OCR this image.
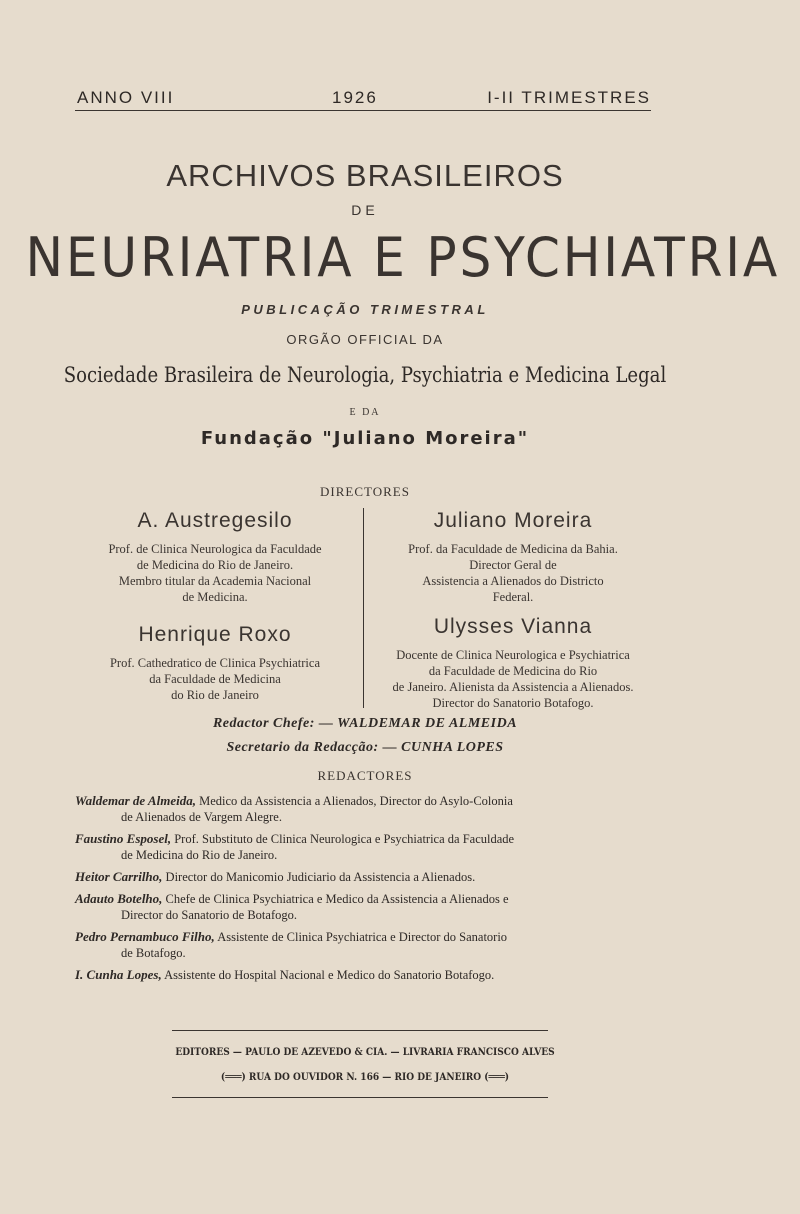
ANNO VIII	1926	I-II TRIMESTRES
ARCHIVOS BRASILEIROS
DE
NEURIATRIA E PSYCHIATRIA
PUBLICAÇÃO TRIMESTRAL
ORGÃO OFFICIAL DA
Sociedade Brasileira de Neurologia, Psychiatria e Medicina Legal
E DA
Fundação "Juliano Moreira"
DIRECTORES
A. Austregesilo
Prof. de Clinica Neurologica da Faculdade
de Medicina do Rio de Janeiro.
Membro titular da Academia Nacional
de Medicina.
Juliano Moreira
Prof. da Faculdade de Medicina da Bahia.
Director Geral de
Assistencia a Alienados do Districto
Federal.
Henrique Roxo
Prof. Cathedratico de Clinica Psychiatrica
da Faculdade de Medicina
do Rio de Janeiro
Ulysses Vianna
Docente de Clinica Neurologica e Psychiatrica
da Faculdade de Medicina do Rio
de Janeiro. Alienista da Assistencia a Alienados.
Director do Sanatorio Botafogo.
Redactor Chefe: — WALDEMAR DE ALMEIDA
Secretario da Redacção: — CUNHA LOPES
REDACTORES
Waldemar de Almeida, Medico da Assistencia a Alienados, Director do Asylo-Colonia
de Alienados de Vargem Alegre.
Faustino Esposel, Prof. Substituto de Clinica Neurologica e Psychiatrica da Faculdade
de Medicina do Rio de Janeiro.
Heitor Carrilho, Director do Manicomio Judiciario da Assistencia a Alienados.
Adauto Botelho, Chefe de Clinica Psychiatrica e Medico da Assistencia a Alienados e
Director do Sanatorio de Botafogo.
Pedro Pernambuco Filho, Assistente de Clinica Psychiatrica e Director do Sanatorio
de Botafogo.
I. Cunha Lopes, Assistente do Hospital Nacional e Medico do Sanatorio Botafogo.
EDITORES — PAULO DE AZEVEDO & CIA. — LIVRARIA FRANCISCO ALVES
(═══) RUA DO OUVIDOR N. 166 — RIO DE JANEIRO (═══)
